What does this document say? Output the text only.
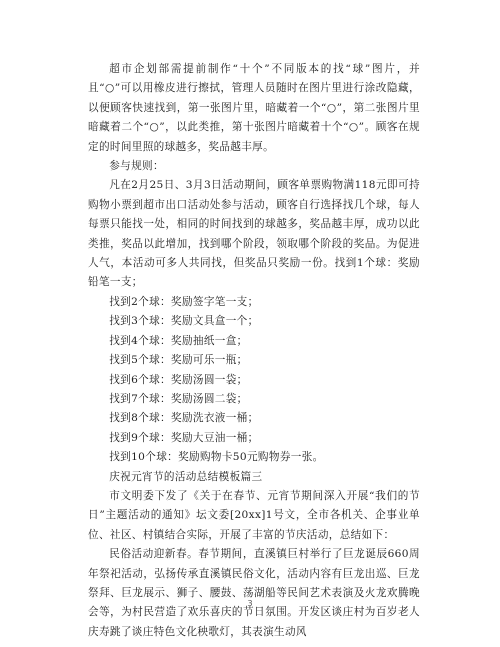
超市企划部需提前制作“十个”不同版本的找“球”图片，并且“○”可以用橡皮进行擦拭，管理人员随时在图片里进行涂改隐藏，以便顾客快速找到，第一张图片里，暗藏着一个“○”，第二张图片里暗藏着二个“○”，以此类推，第十张图片暗藏着十个“○”。顾客在规定的时间里照的球越多，奖品越丰厚。

参与规则：

凡在2月25日、3月3日活动期间，顾客单票购物满118元即可持购物小票到超市出口活动处参与活动，顾客自行选择找几个球，每人每票只能找一处，相同的时间找到的球越多，奖品越丰厚，成功以此类推，奖品以此增加，找到哪个阶段，领取哪个阶段的奖品。为促进人气，本活动可多人共同找，但奖品只奖励一份。找到1个球：奖励铅笔一支；

找到2个球：奖励签字笔一支；

找到3个球：奖励文具盒一个；

找到4个球：奖励抽纸一盒；

找到5个球：奖励可乐一瓶；

找到6个球：奖励汤圆一袋；

找到7个球：奖励汤圆二袋；

找到8个球：奖励洗衣液一桶；

找到9个球：奖励大豆油一桶；

找到10个球：奖励购物卡50元购物券一张。

庆祝元宵节的活动总结模板篇三

市文明委下发了《关于在春节、元宵节期间深入开展“我们的节日”主题活动的通知》坛文委[20xx]1号文，全市各机关、企事业单位、社区、村镇结合实际，开展了丰富的节庆活动，总结如下：

民俗活动迎新春。春节期间，直溪镇巨村举行了巨龙诞辰660周年祭祀活动，弘扬传承直溪镇民俗文化，活动内容有巨龙出巡、巨龙祭拜、巨龙展示、狮子、腰鼓、荡湖船等民间艺术表演及火龙欢腾晚会等，为村民营造了欢乐喜庆的节日氛围。开发区谈庄村为百岁老人庆寿跳了谈庄特色文化秧歌灯，其表演生动风

3
